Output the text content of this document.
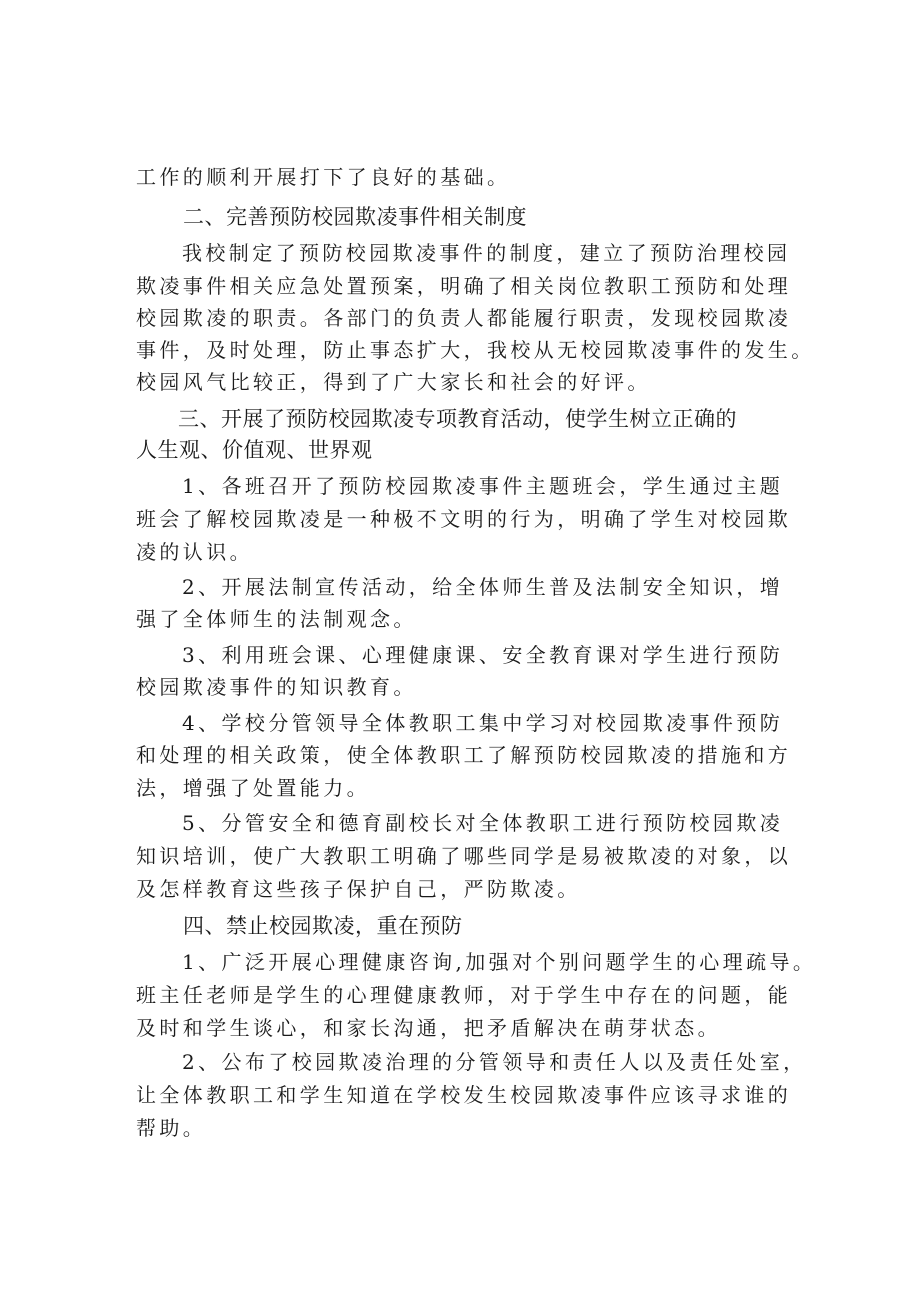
工作的顺利开展打下了良好的基础。
二、完善预防校园欺凌事件相关制度
我校制定了预防校园欺凌事件的制度，建立了预防治理校园
欺凌事件相关应急处置预案，明确了相关岗位教职工预防和处理
校园欺凌的职责。各部门的负责人都能履行职责，发现校园欺凌
事件，及时处理，防止事态扩大，我校从无校园欺凌事件的发生。
校园风气比较正，得到了广大家长和社会的好评。
三、开展了预防校园欺凌专项教育活动，使学生树立正确的
人生观、价值观、世界观
1、各班召开了预防校园欺凌事件主题班会，学生通过主题
班会了解校园欺凌是一种极不文明的行为，明确了学生对校园欺
凌的认识。
2、开展法制宣传活动，给全体师生普及法制安全知识，增
强了全体师生的法制观念。
3、利用班会课、心理健康课、安全教育课对学生进行预防
校园欺凌事件的知识教育。
4、学校分管领导全体教职工集中学习对校园欺凌事件预防
和处理的相关政策，使全体教职工了解预防校园欺凌的措施和方
法，增强了处置能力。
5、分管安全和德育副校长对全体教职工进行预防校园欺凌
知识培训，使广大教职工明确了哪些同学是易被欺凌的对象，以
及怎样教育这些孩子保护自己，严防欺凌。
四、禁止校园欺凌，重在预防
1、广泛开展心理健康咨询,加强对个别问题学生的心理疏导。
班主任老师是学生的心理健康教师，对于学生中存在的问题，能
及时和学生谈心，和家长沟通，把矛盾解决在萌芽状态。
2、公布了校园欺凌治理的分管领导和责任人以及责任处室，
让全体教职工和学生知道在学校发生校园欺凌事件应该寻求谁的
帮助。
